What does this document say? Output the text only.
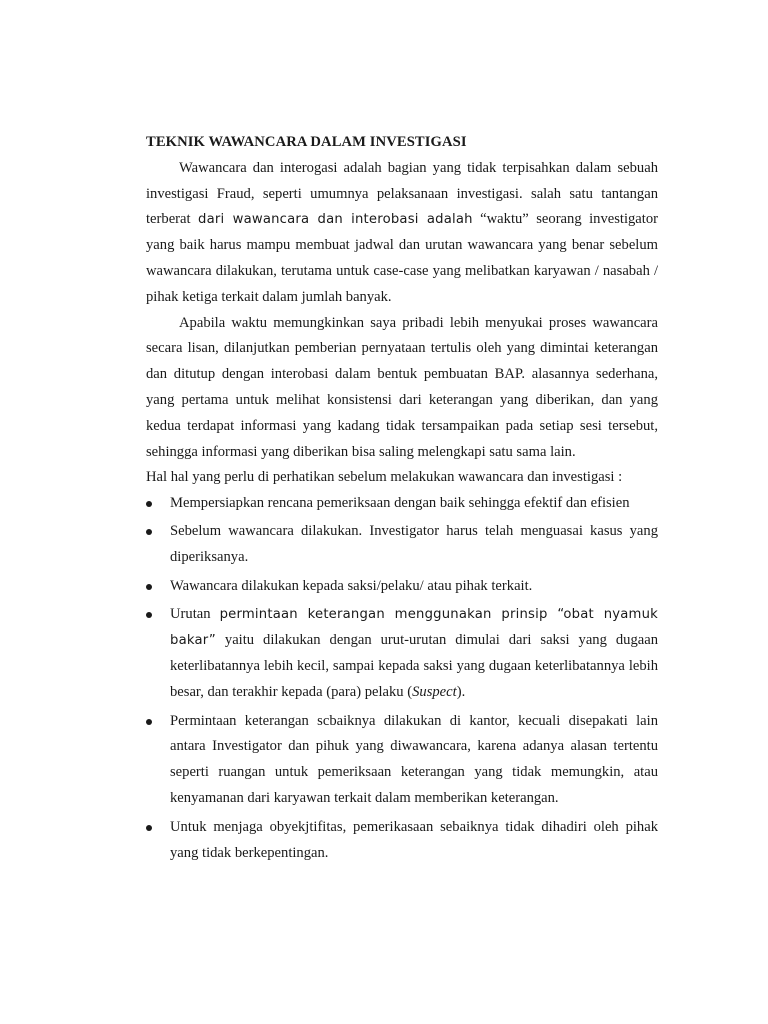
TEKNIK WAWANCARA DALAM INVESTIGASI

Wawancara dan interogasi adalah bagian yang tidak terpisahkan dalam sebuah investigasi Fraud, seperti umumnya pelaksanaan investigasi. salah satu tantangan terberat dari wawancara dan interobasi adalah “waktu” seorang investigator yang baik harus mampu membuat jadwal dan urutan wawancara yang benar sebelum wawancara dilakukan, terutama untuk case-case yang melibatkan karyawan / nasabah / pihak ketiga terkait dalam jumlah banyak.

Apabila waktu memungkinkan saya pribadi lebih menyukai proses wawancara secara lisan, dilanjutkan pemberian pernyataan tertulis oleh yang dimintai keterangan dan ditutup dengan interobasi dalam bentuk pembuatan BAP. alasannya sederhana, yang pertama untuk melihat konsistensi dari keterangan yang diberikan, dan yang kedua terdapat informasi yang kadang tidak tersampaikan pada setiap sesi tersebut, sehingga informasi yang diberikan bisa saling melengkapi satu sama lain.

Hal hal yang perlu di perhatikan sebelum melakukan wawancara dan investigasi :

Mempersiapkan rencana pemeriksaan dengan baik sehingga efektif dan efisien
Sebelum wawancara dilakukan. Investigator harus telah menguasai kasus yang diperiksanya.
Wawancara dilakukan kepada saksi/pelaku/ atau pihak terkait.
Urutan permintaan keterangan menggunakan prinsip “obat nyamuk bakar” yaitu dilakukan dengan urut-urutan dimulai dari saksi yang dugaan keterlibatannya lebih kecil, sampai kepada saksi yang dugaan keterlibatannya lebih besar, dan terakhir kepada (para) pelaku (Suspect).
Permintaan keterangan scbaiknya dilakukan di kantor, kecuali disepakati lain antara Investigator dan pihuk yang diwawancara, karena adanya alasan tertentu seperti ruangan untuk pemeriksaan keterangan yang tidak memungkin, atau kenyamanan dari karyawan terkait dalam memberikan keterangan.
Untuk menjaga obyekjtifitas, pemerikasaan sebaiknya tidak dihadiri oleh pihak yang tidak berkepentingan.
